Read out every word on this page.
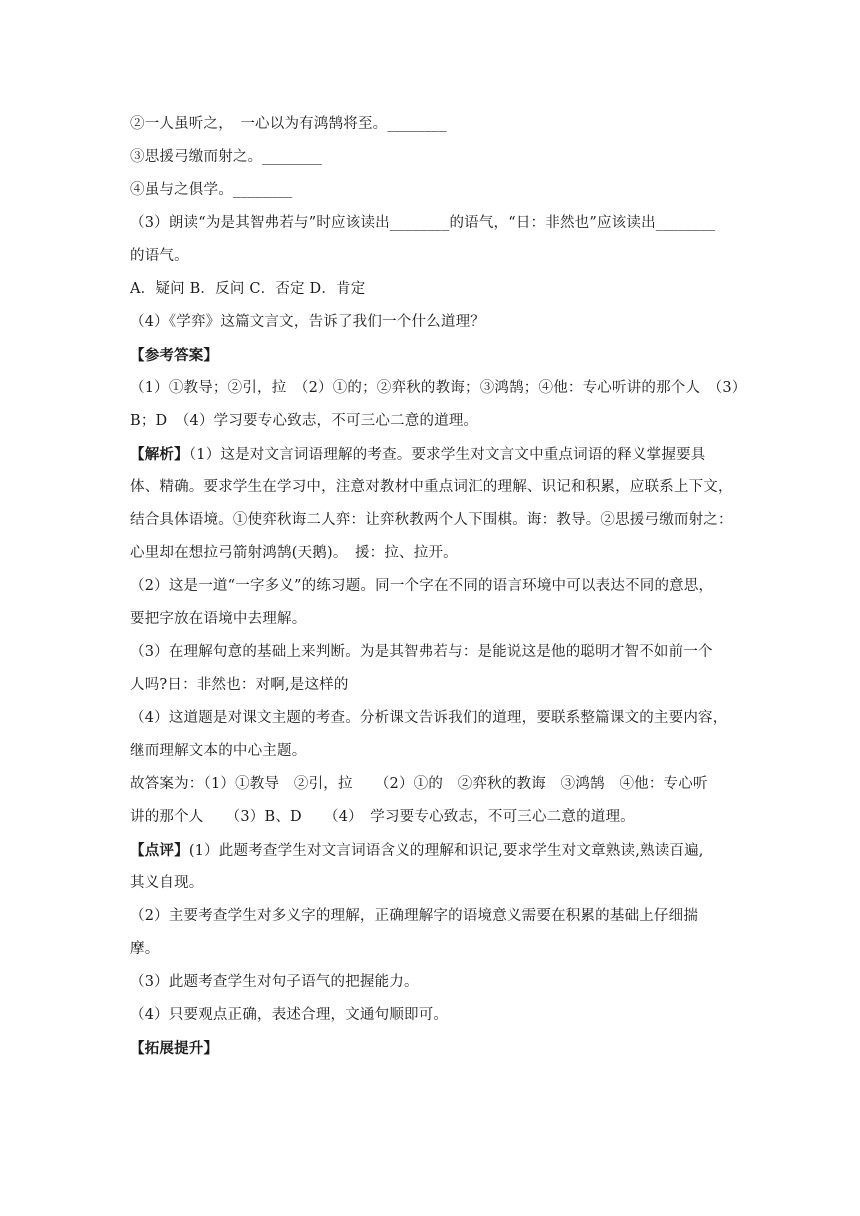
②一人虽听之，　一心以为有鸿鹄将至。________
③思援弓缴而射之。________
④虽与之俱学。________
（3）朗读“为是其智弗若与”时应该读出________的语气，“日：非然也”应该读出________
的语气。
A．疑问 B．反问 C．否定 D．肯定
（4）《学弈》这篇文言文，告诉了我们一个什么道理？
【参考答案】
（1）①教导；②引，拉　（2）①的；②弈秋的教诲；③鸿鹄；④他：专心听讲的那个人　（3）
B；D　（4）学习要专心致志，不可三心二意的道理。
【解析】（1）这是对文言词语理解的考查。要求学生对文言文中重点词语的释义掌握要具
体、精确。要求学生在学习中，注意对教材中重点词汇的理解、识记和积累，应联系上下文，
结合具体语境。①使弈秋诲二人弈：让弈秋教两个人下围棋。诲：教导。②思援弓缴而射之：
心里却在想拉弓箭射鸿鹄(天鹅)。　援：拉、拉开。
（2）这是一道“一字多义”的练习题。同一个字在不同的语言环境中可以表达不同的意思，
要把字放在语境中去理解。
（3）在理解句意的基础上来判断。为是其智弗若与：是能说这是他的聪明才智不如前一个
人吗?日：非然也：对啊,是这样的
（4）这道题是对课文主题的考查。分析课文告诉我们的道理，要联系整篇课文的主要内容，
继而理解文本的中心主题。
故答案为：（1）①教导　②引，拉　　（2）①的　②弈秋的教诲　③鸿鹄　④他：专心听
讲的那个人　　（3）B、D　　（4）　学习要专心致志，不可三心二意的道理。
【点评】(1）此题考查学生对文言词语含义的理解和识记,要求学生对文章熟读,熟读百遍,
其义自现。
（2）主要考查学生对多义字的理解，正确理解字的语境意义需要在积累的基础上仔细揣
摩。
（3）此题考查学生对句子语气的把握能力。
（4）只要观点正确，表述合理，文通句顺即可。
【拓展提升】
